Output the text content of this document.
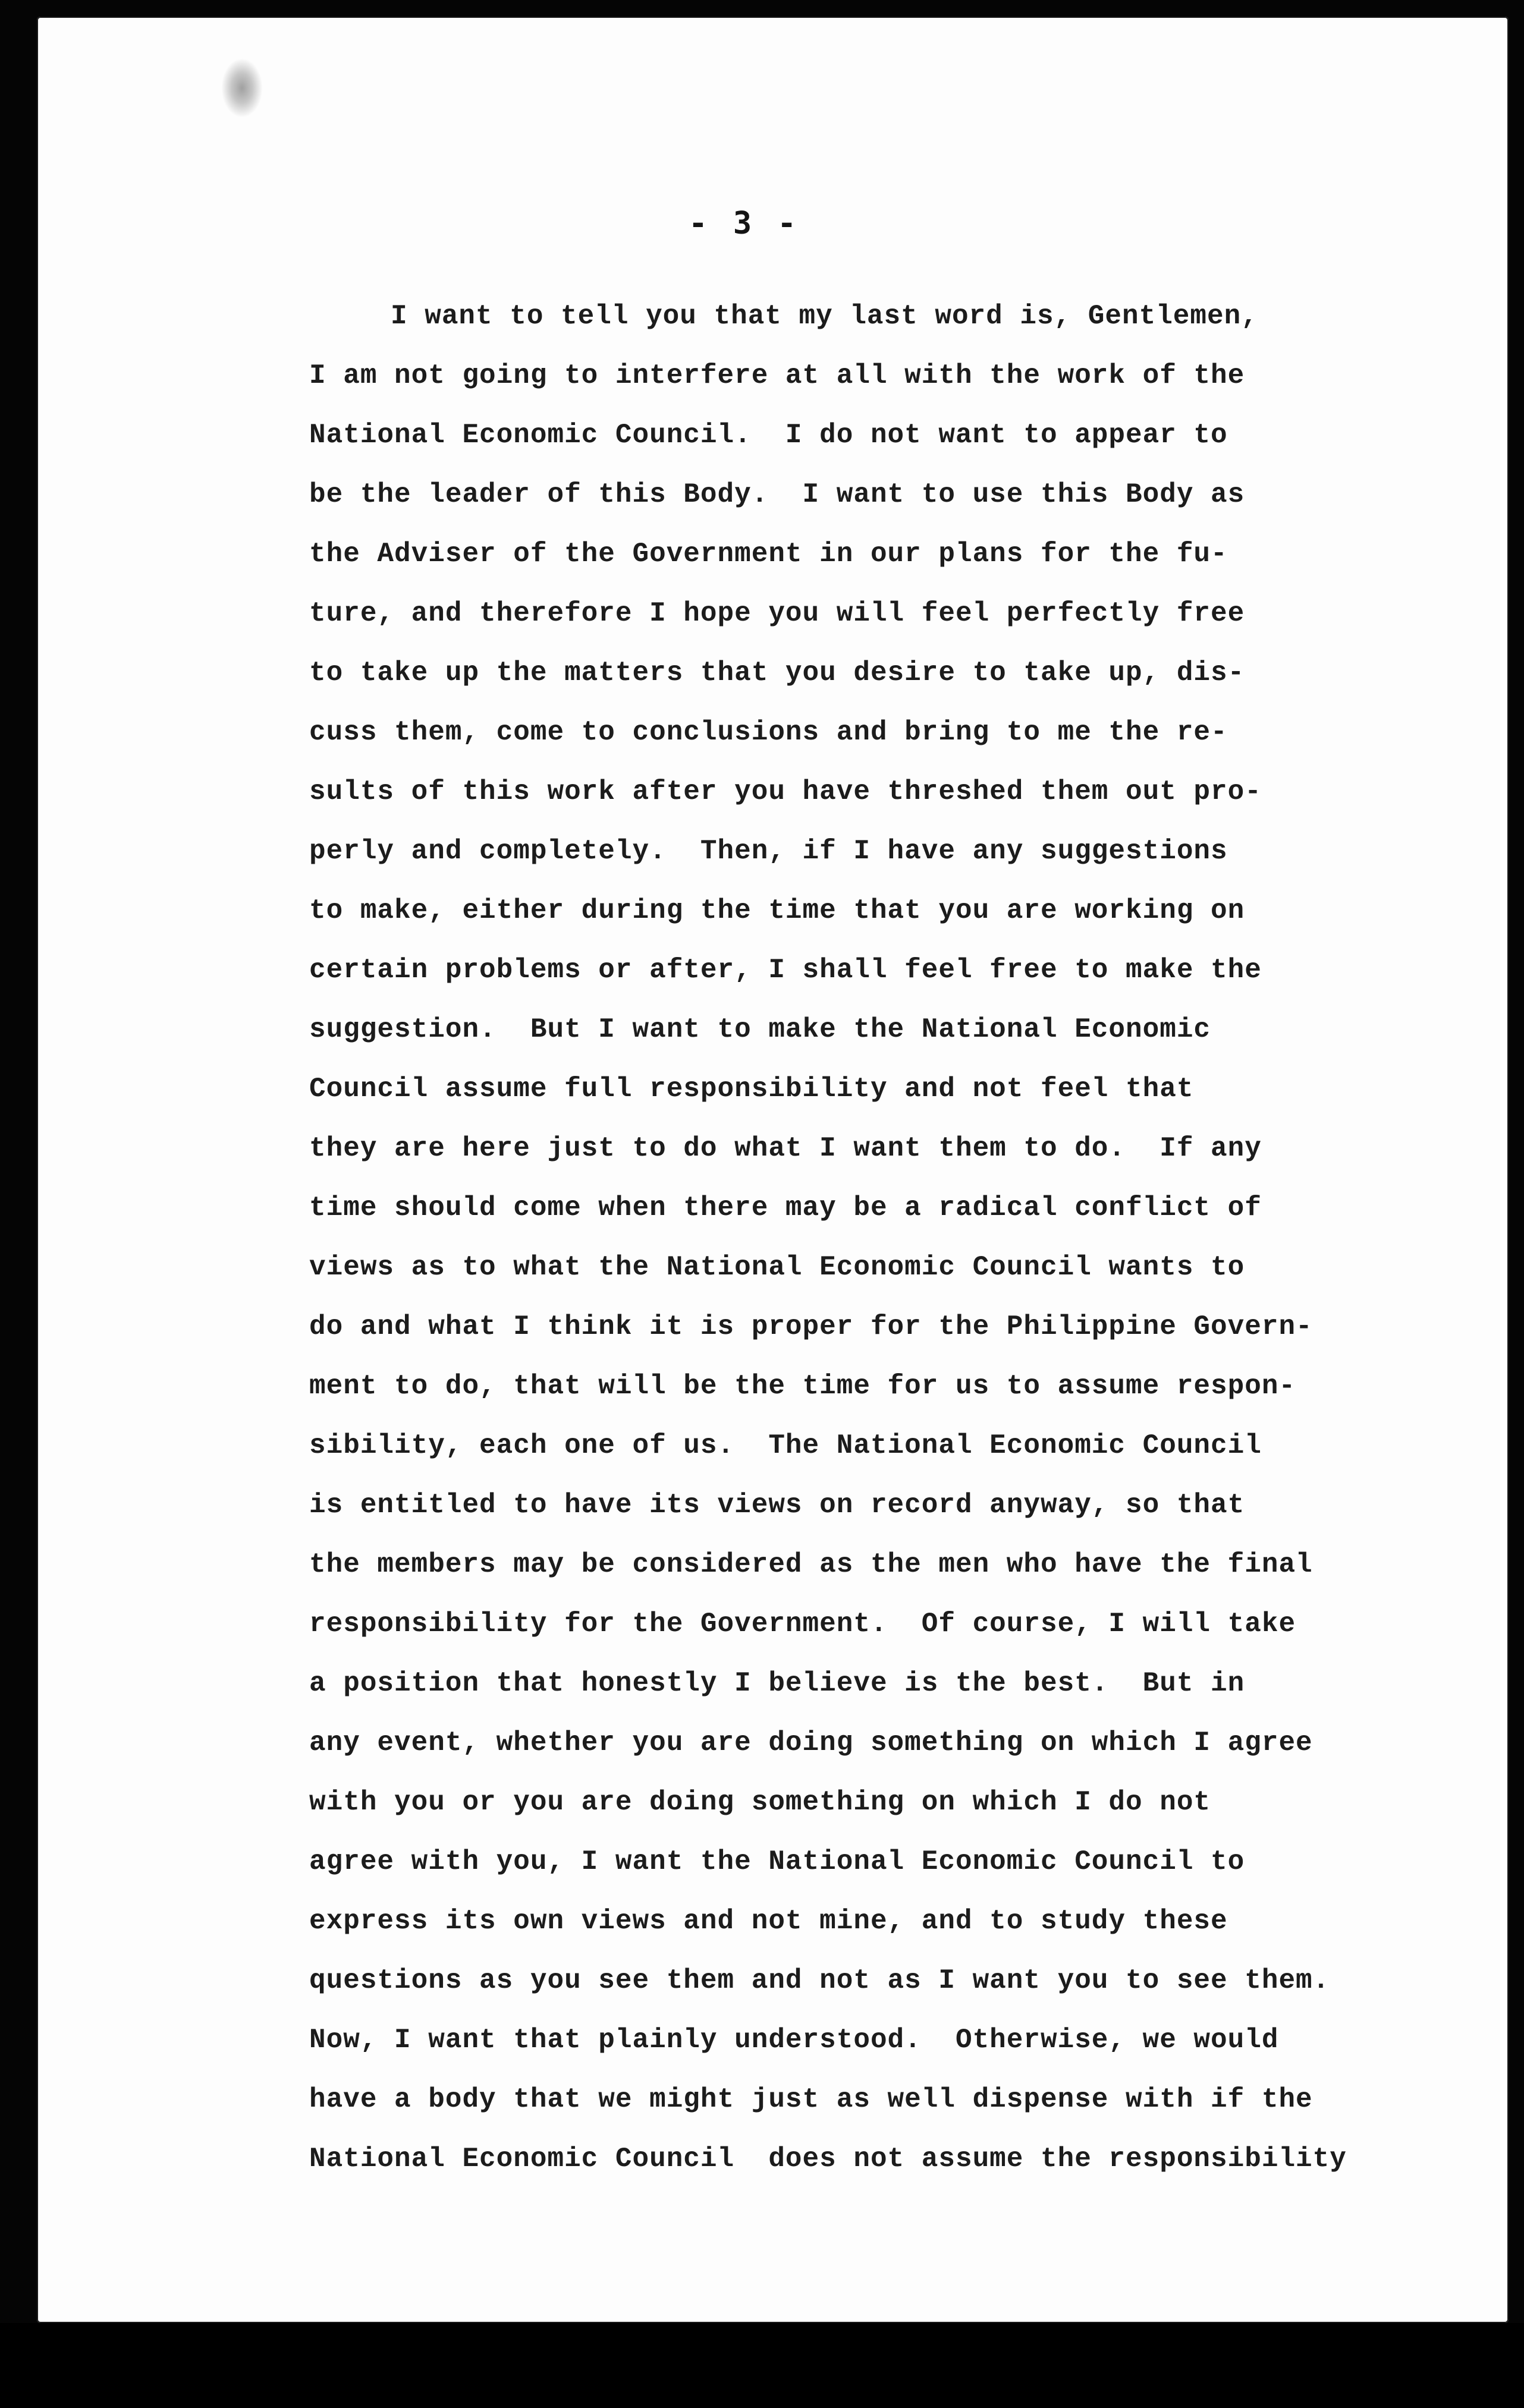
- 3 -
I want to tell you that my last word is, Gentlemen,
I am not going to interfere at all with the work of the
National Economic Council.  I do not want to appear to
be the leader of this Body.  I want to use this Body as
the Adviser of the Government in our plans for the fu-
ture, and therefore I hope you will feel perfectly free
to take up the matters that you desire to take up, dis-
cuss them, come to conclusions and bring to me the re-
sults of this work after you have threshed them out pro-
perly and completely.  Then, if I have any suggestions
to make, either during the time that you are working on
certain problems or after, I shall feel free to make the
suggestion.  But I want to make the National Economic
Council assume full responsibility and not feel that
they are here just to do what I want them to do.  If any
time should come when there may be a radical conflict of
views as to what the National Economic Council wants to
do and what I think it is proper for the Philippine Govern-
ment to do, that will be the time for us to assume respon-
sibility, each one of us.  The National Economic Council
is entitled to have its views on record anyway, so that
the members may be considered as the men who have the final
responsibility for the Government.  Of course, I will take
a position that honestly I believe is the best.  But in
any event, whether you are doing something on which I agree
with you or you are doing something on which I do not
agree with you, I want the National Economic Council to
express its own views and not mine, and to study these
questions as you see them and not as I want you to see them.
Now, I want that plainly understood.  Otherwise, we would
have a body that we might just as well dispense with if the
National Economic Council  does not assume the responsibility
